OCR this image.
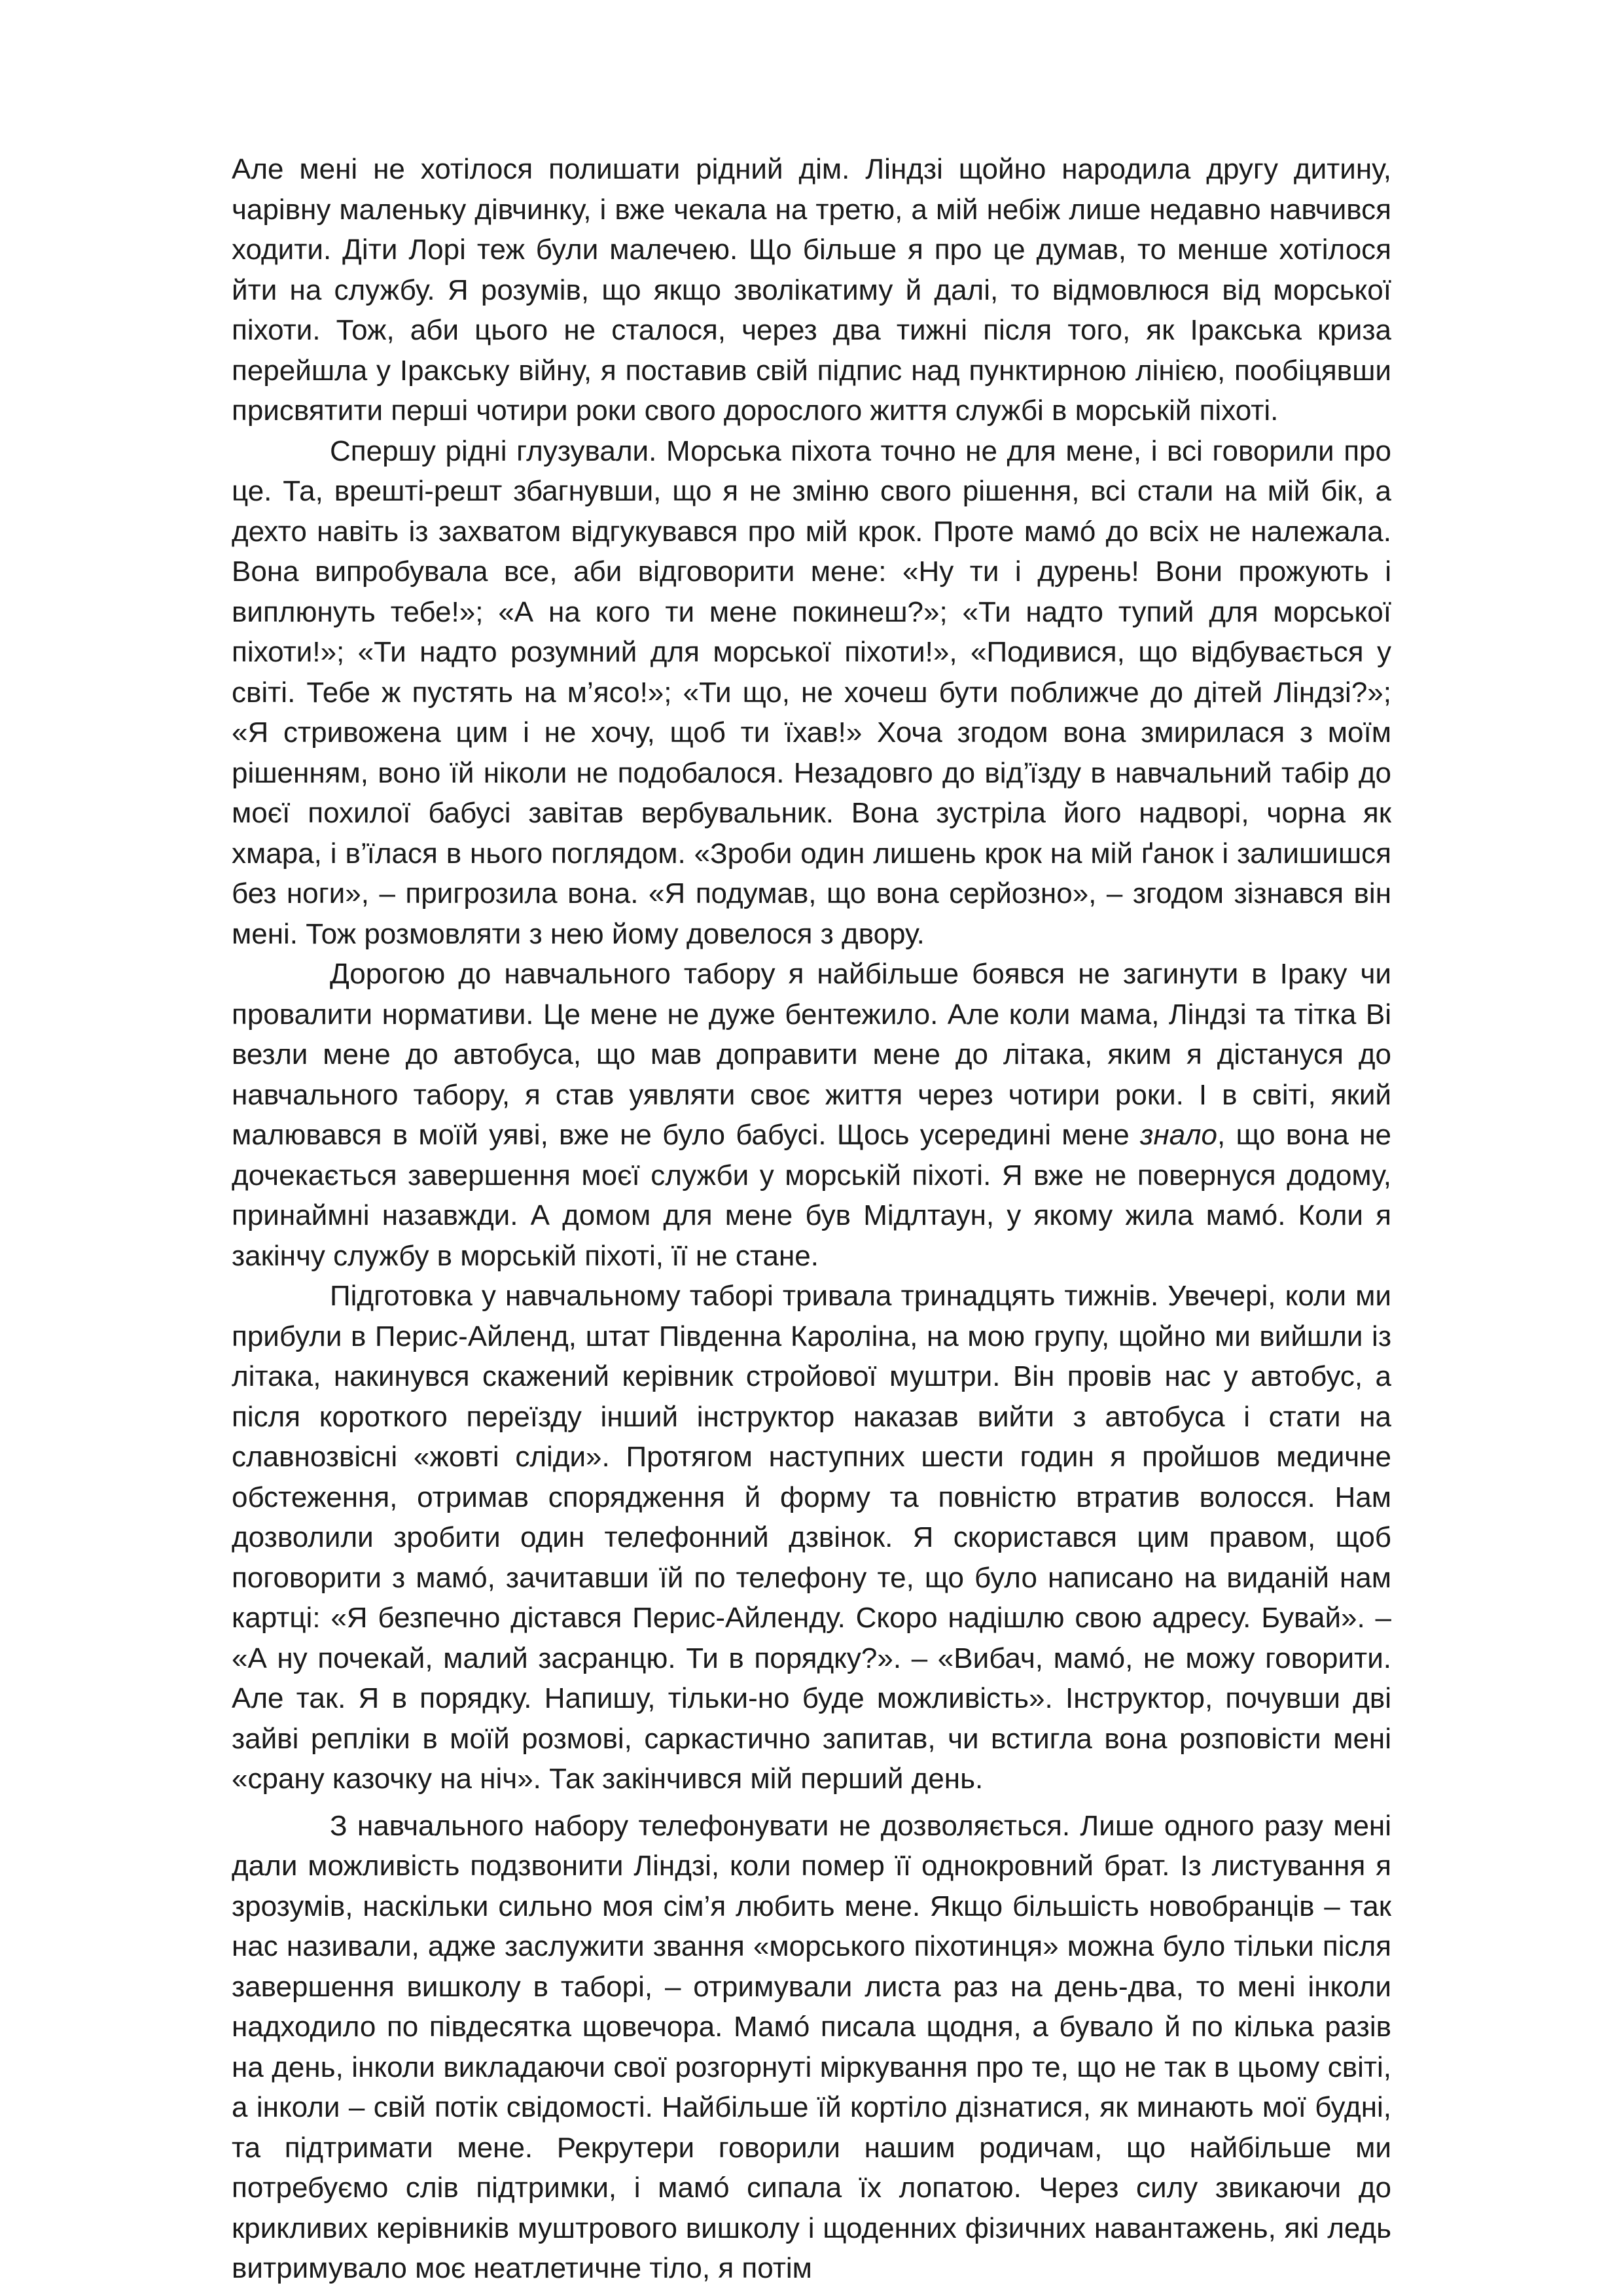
Але мені не хотілося полишати рідний дім. Ліндзі щойно народила другу дитину, чарівну маленьку дівчинку, і вже чекала на третю, а мій небіж лише недавно навчився ходити. Діти Лорі теж були малечею. Що більше я про це думав, то менше хотілося йти на службу. Я розумів, що якщо зволікатиму й далі, то відмовлюся від морської піхоти. Тож, аби цього не сталося, через два тижні після того, як Іракська криза перейшла у Іракську війну, я поставив свій підпис над пунктирною лінією, пообіцявши присвятити перші чотири роки свого дорослого життя службі в морській піхоті.

Спершу рідні глузували. Морська піхота точно не для мене, і всі говорили про це. Та, врешті-решт збагнувши, що я не зміню свого рішення, всі стали на мій бік, а дехто навіть із захватом відгукувався про мій крок. Проте мамó до всіх не належала. Вона випробувала все, аби відговорити мене: «Ну ти і дурень! Вони прожують і виплюнуть тебе!»; «А на кого ти мене покинеш?»; «Ти надто тупий для морської піхоти!»; «Ти надто розумний для морської піхоти!», «Подивися, що відбувається у світі. Тебе ж пустять на м’ясо!»; «Ти що, не хочеш бути поближче до дітей Ліндзі?»; «Я стривожена цим і не хочу, щоб ти їхав!» Хоча згодом вона змирилася з моїм рішенням, воно їй ніколи не подобалося. Незадовго до від’їзду в навчальний табір до моєї похилої бабусі завітав вербувальник. Вона зустріла його надворі, чорна як хмара, і в’їлася в нього поглядом. «Зроби один лишень крок на мій ґанок і залишишся без ноги», – пригрозила вона. «Я подумав, що вона серйозно», – згодом зізнався він мені. Тож розмовляти з нею йому довелося з двору.

Дорогою до навчального табору я найбільше боявся не загинути в Іраку чи провалити нормативи. Це мене не дуже бентежило. Але коли мама, Ліндзі та тітка Ві везли мене до автобуса, що мав доправити мене до літака, яким я дістануся до навчального табору, я став уявляти своє життя через чотири роки. І в світі, який малювався в моїй уяві, вже не було бабусі. Щось усередині мене знало, що вона не дочекається завершення моєї служби у морській піхоті. Я вже не повернуся додому, принаймні назавжди. А домом для мене був Мідлтаун, у якому жила мамó. Коли я закінчу службу в морській піхоті, її не стане.

Підготовка у навчальному таборі тривала тринадцять тижнів. Увечері, коли ми прибули в Перис-Айленд, штат Південна Кароліна, на мою групу, щойно ми вийшли із літака, накинувся скажений керівник стройової муштри. Він провів нас у автобус, а після короткого переїзду інший інструктор наказав вийти з автобуса і стати на славнозвісні «жовті сліди». Протягом наступних шести годин я пройшов медичне обстеження, отримав спорядження й форму та повністю втратив волосся. Нам дозволили зробити один телефонний дзвінок. Я скористався цим правом, щоб поговорити з мамó, зачитавши їй по телефону те, що було написано на виданій нам картці: «Я безпечно дістався Перис-Айленду. Скоро надішлю свою адресу. Бувай». – «А ну почекай, малий засранцю. Ти в порядку?». – «Вибач, мамó, не можу говорити. Але так. Я в порядку. Напишу, тільки-но буде можливість». Інструктор, почувши дві зайві репліки в моїй розмові, саркастично запитав, чи встигла вона розповісти мені «срану казочку на ніч». Так закінчився мій перший день.

З навчального набору телефонувати не дозволяється. Лише одного разу мені дали можливість подзвонити Ліндзі, коли помер її однокровний брат. Із листування я зрозумів, наскільки сильно моя сім’я любить мене. Якщо більшість новобранців – так нас називали, адже заслужити звання «морського піхотинця» можна було тільки після завершення вишколу в таборі, – отримували листа раз на день-два, то мені інколи надходило по півдесятка щовечора. Мамó писала щодня, а бувало й по кілька разів на день, інколи викладаючи свої розгорнуті міркування про те, що не так в цьому світі, а інколи – свій потік свідомості. Найбільше їй кортіло дізнатися, як минають мої будні, та підтримати мене. Рекрутери говорили нашим родичам, що найбільше ми потребуємо слів підтримки, і мамó сипала їх лопатою. Через силу звикаючи до крикливих керівників муштрового вишколу і щоденних фізичних навантажень, які ледь витримувало моє неатлетичне тіло, я потім
